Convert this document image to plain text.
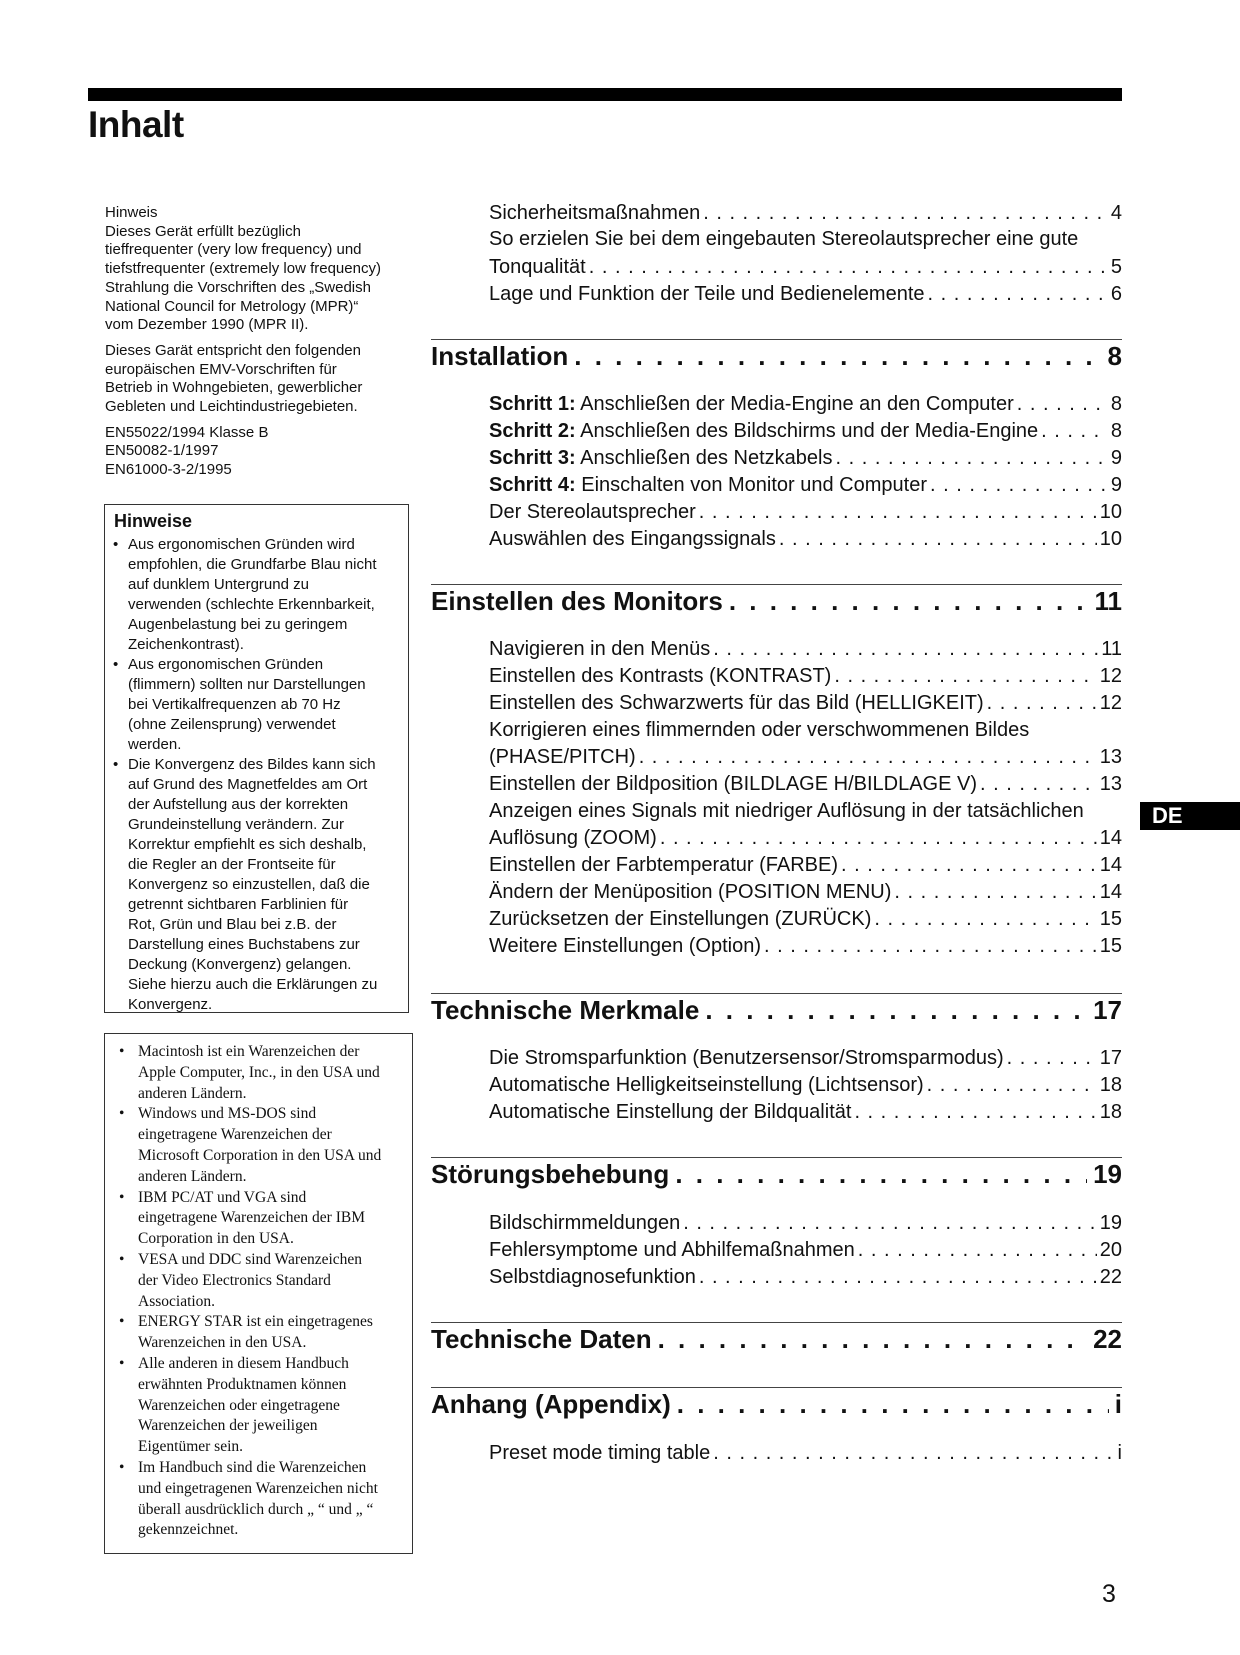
Inhalt

Hinweis
Dieses Gerät erfüllt bezüglich
tieffrequenter (very low frequency) und
tiefstfrequenter (extremely low frequency)
Strahlung die Vorschriften des „Swedish
National Council for Metrology (MPR)“
vom Dezember 1990 (MPR II).

Dieses Garät entspricht den folgenden
europäischen EMV-Vorschriften für
Betrieb in Wohngebieten, gewerblicher
Gebleten und Leichtindustriegebieten.

EN55022/1994 Klasse B
EN50082-1/1997
EN61000-3-2/1995

Hinweise
• Aus ergonomischen Gründen wird
empfohlen, die Grundfarbe Blau nicht
auf dunklem Untergrund zu
verwenden (schlechte Erkennbarkeit,
Augenbelastung bei zu geringem
Zeichenkontrast).
• Aus ergonomischen Gründen
(flimmern) sollten nur Darstellungen
bei Vertikalfrequenzen ab 70 Hz
(ohne Zeilensprung) verwendet
werden.
• Die Konvergenz des Bildes kann sich
auf Grund des Magnetfeldes am Ort
der Aufstellung aus der korrekten
Grundeinstellung verändern. Zur
Korrektur empfiehlt es sich deshalb,
die Regler an der Frontseite für
Konvergenz so einzustellen, daß die
getrennt sichtbaren Farblinien für
Rot, Grün und Blau bei z.B. der
Darstellung eines Buchstabens zur
Deckung (Konvergenz) gelangen.
Siehe hierzu auch die Erklärungen zu
Konvergenz.
• Macintosh ist ein Warenzeichen der
Apple Computer, Inc., in den USA und
anderen Ländern.
• Windows und MS-DOS sind
eingetragene Warenzeichen der
Microsoft Corporation in den USA und
anderen Ländern.
• IBM PC/AT und VGA sind
eingetragene Warenzeichen der IBM
Corporation in den USA.
• VESA und DDC sind Warenzeichen
der Video Electronics Standard
Association.
• ENERGY STAR ist ein eingetragenes
Warenzeichen in den USA.
• Alle anderen in diesem Handbuch
erwähnten Produktnamen können
Warenzeichen oder eingetragene
Warenzeichen der jeweiligen
Eigentümer sein.
• Im Handbuch sind die Warenzeichen
und eingetragenen Warenzeichen nicht
überall ausdrücklich durch „ “ und „ “
gekennzeichnet.
Sicherheitsmaßnahmen . . .	4
So erzielen Sie bei dem eingebauten Stereolautsprecher eine gute
Tonqualität . . .	5
Lage und Funktion der Teile und Bedienelemente . . .	6
Installation . . .	8
Schritt 1: Anschließen der Media-Engine an den Computer . . .	8
Schritt 2: Anschließen des Bildschirms und der Media-Engine . . .	8
Schritt 3: Anschließen des Netzkabels . . .	9
Schritt 4: Einschalten von Monitor und Computer . . .	9
Der Stereolautsprecher . . .	10
Auswählen des Eingangssignals . . .	10
Einstellen des Monitors . . .	11
Navigieren in den Menüs . . .	11
Einstellen des Kontrasts (KONTRAST) . . .	12
Einstellen des Schwarzwerts für das Bild (HELLIGKEIT) . . .	12
Korrigieren eines flimmernden oder verschwommenen Bildes
(PHASE/PITCH) . . .	13
Einstellen der Bildposition (BILDLAGE H/BILDLAGE V) . . .	13
Anzeigen eines Signals mit niedriger Auflösung in der tatsächlichen
Auflösung (ZOOM) . . .	14
Einstellen der Farbtemperatur (FARBE) . . .	14
Ändern der Menüposition (POSITION MENU) . . .	14
Zurücksetzen der Einstellungen (ZURÜCK) . . .	15
Weitere Einstellungen (Option) . . .	15
Technische Merkmale . . .	17
Die Stromsparfunktion (Benutzersensor/Stromsparmodus) . . .	17
Automatische Helligkeitseinstellung (Lichtsensor) . . .	18
Automatische Einstellung der Bildqualität . . .	18
Störungsbehebung . . .	19
Bildschirmmeldungen . . .	19
Fehlersymptome und Abhilfemaßnahmen . . .	20
Selbstdiagnosefunktion . . .	22
Technische Daten . . .	22
Anhang (Appendix) . . .	i
Preset mode timing table . . .	i
DE
3
